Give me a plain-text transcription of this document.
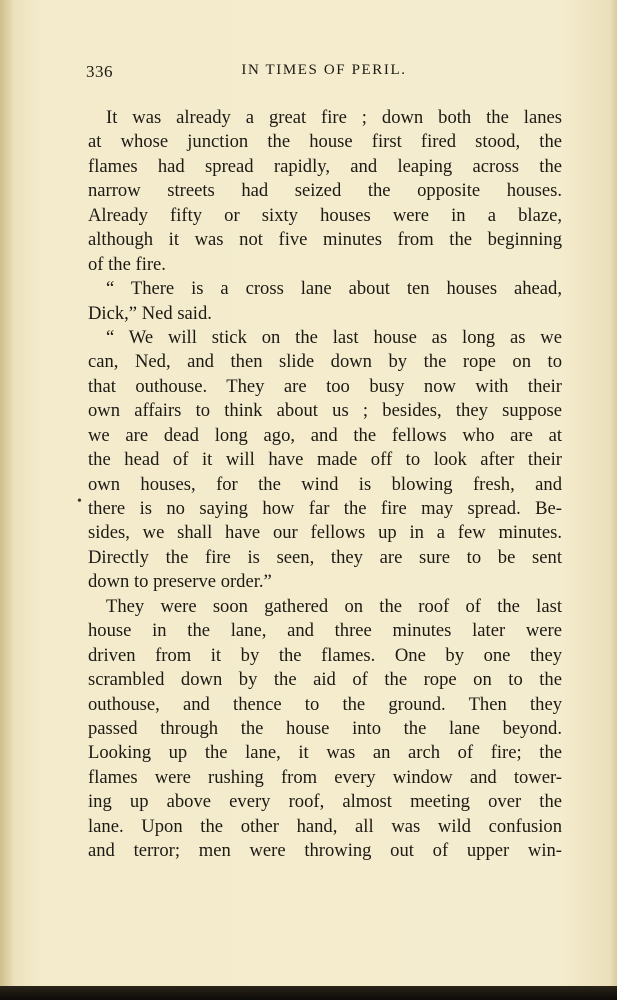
336	IN TIMES OF PERIL.
It was already a great fire ; down both the lanes
at whose junction the house first fired stood, the
flames had spread rapidly, and leaping across the
narrow streets had seized the opposite houses.
Already fifty or sixty houses were in a blaze,
although it was not five minutes from the beginning
of the fire.
“ There is a cross lane about ten houses ahead,
Dick,” Ned said.
“ We will stick on the last house as long as we
can, Ned, and then slide down by the rope on to
that outhouse. They are too busy now with their
own affairs to think about us ; besides, they suppose
we are dead long ago, and the fellows who are at
the head of it will have made off to look after their
own houses, for the wind is blowing fresh, and
there is no saying how far the fire may spread. Be-
sides, we shall have our fellows up in a few minutes.
Directly the fire is seen, they are sure to be sent
down to preserve order.”
They were soon gathered on the roof of the last
house in the lane, and three minutes later were
driven from it by the flames. One by one they
scrambled down by the aid of the rope on to the
outhouse, and thence to the ground. Then they
passed through the house into the lane beyond.
Looking up the lane, it was an arch of fire; the
flames were rushing from every window and tower-
ing up above every roof, almost meeting over the
lane. Upon the other hand, all was wild confusion
and terror; men were throwing out of upper win-
•
